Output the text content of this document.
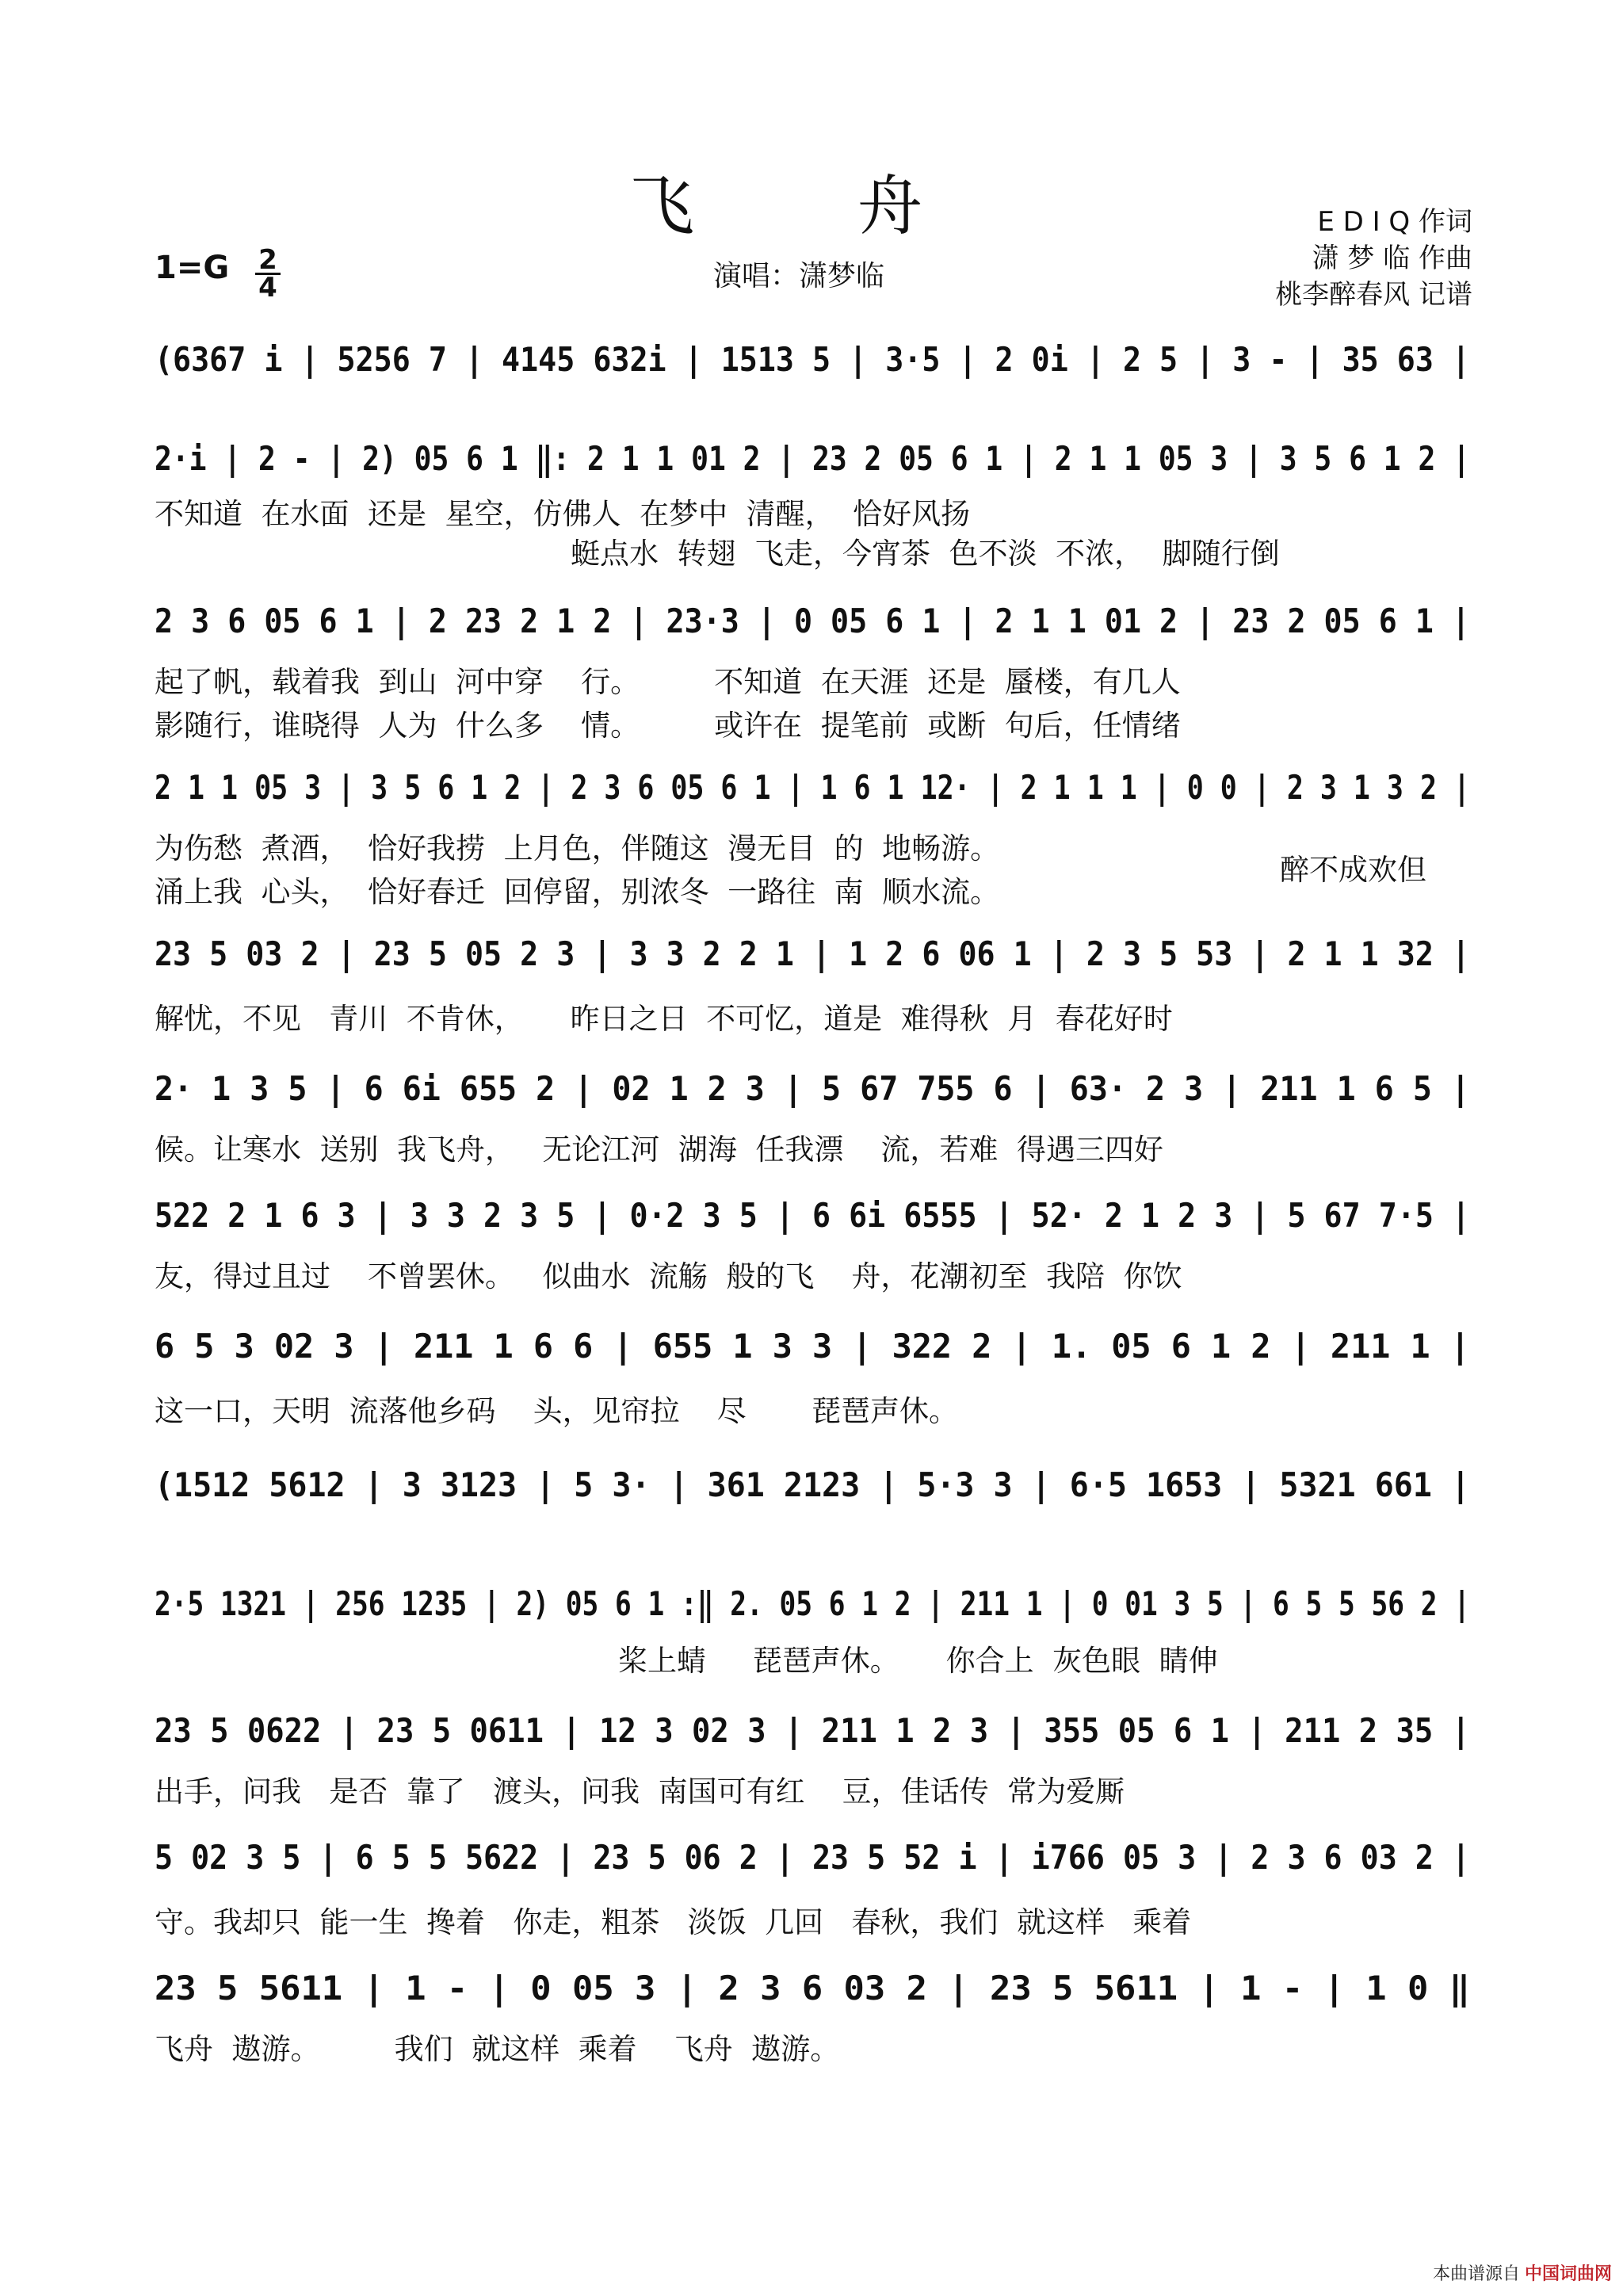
飞 舟	E D I Q 作词
潇 梦 临 作曲
桃李醉春风 记谱
1=G 2
4	演唱：潇梦临
(6367 i | 5256 7 | 4145 632i | 1513 5 | 3·5 | 2 0i | 2 5 | 3 - | 35 63 |
2·i | 2 - | 2) 05 6 1 ‖: 2 1 1 01 2 | 23 2 05 6 1 | 2 1 1 05 3 | 3 5 6 1 2 |
不知道  在水面  还是  星空，仿佛人  在梦中  清醒，  恰好风扬
蜓点水  转翅  飞走，今宵茶  色不淡  不浓，  脚随行倒
2 3 6 05 6 1 | 2 23 2 1 2 | 23·3 | 0 05 6 1 | 2 1 1 01 2 | 23 2 05 6 1 |
起了帆，载着我  到山  河中穿    行。        不知道  在天涯  还是  蜃楼，有几人
影随行，谁晓得  人为  什么多    情。        或许在  提笔前  或断  句后，任情绪
2 1 1 05 3 | 3 5 6 1 2 | 2 3 6 05 6 1 | 1 6 1 12· | 2 1 1 1 | 0 0 | 2 3 1 3 2 |
为伤愁  煮酒，  恰好我捞  上月色，伴随这  漫无目  的  地畅游。
涌上我  心头，  恰好春迁  回停留，别浓冬  一路往  南  顺水流。
醉不成欢但
23 5 03 2 | 23 5 05 2 3 | 3 3 2 2 1 | 1 2 6 06 1 | 2 3 5 53 | 2 1 1 32 |
解忧，不见   青川  不肯休，     昨日之日  不可忆，道是  难得秋  月  春花好时
2· 1 3 5 | 6 6i 655 2 | 02 1 2 3 | 5 67 755 6 | 63· 2 3 | 211 1 6 5 |
候。让寒水  送别  我飞舟，   无论江河  湖海  任我漂    流，若难  得遇三四好
522 2 1 6 3 | 3 3 2 3 5 | 0·2 3 5 | 6 6i 6555 | 52· 2 1 2 3 | 5 67 7·5 |
友，得过且过    不曾罢休。   似曲水  流觞  般的飞    舟，花潮初至  我陪  你饮
6 5 3 02 3 | 211 1 6 6 | 655 1 3 3 | 322 2 | 1. 05 6 1 2 | 211 1 |
这一口，天明  流落他乡码    头，见帘拉    尽       琵琶声休。
(1512 5612 | 3 3123 | 5 3· | 361 2123 | 5·3 3 | 6·5 1653 | 5321 661 |
2·5 1321 | 256 1235 | 2) 05 6 1 :‖ 2. 05 6 1 2 | 211 1 | 0 01 3 5 | 6 5 5 56 2 |
桨上蜻     琵琶声休。     你合上  灰色眼  睛伸
23 5 0622 | 23 5 0611 | 12 3 02 3 | 211 1 2 3 | 355 05 6 1 | 211 2 35 |
出手，问我   是否  靠了   渡头，问我  南国可有红    豆，佳话传  常为爱厮
5 02 3 5 | 6 5 5 5622 | 23 5 06 2 | 23 5 52 i | i766 05 3 | 2 3 6 03 2 |
守。我却只  能一生  搀着   你走，粗茶   淡饭  几回   春秋，我们  就这样   乘着
23 5 5611 | 1 - | 0 05 3 | 2 3 6 03 2 | 23 5 5611 | 1 - | 1 0 ‖
飞舟  遨游。        我们  就这样  乘着    飞舟  遨游。
本曲谱源自 中国词曲网
